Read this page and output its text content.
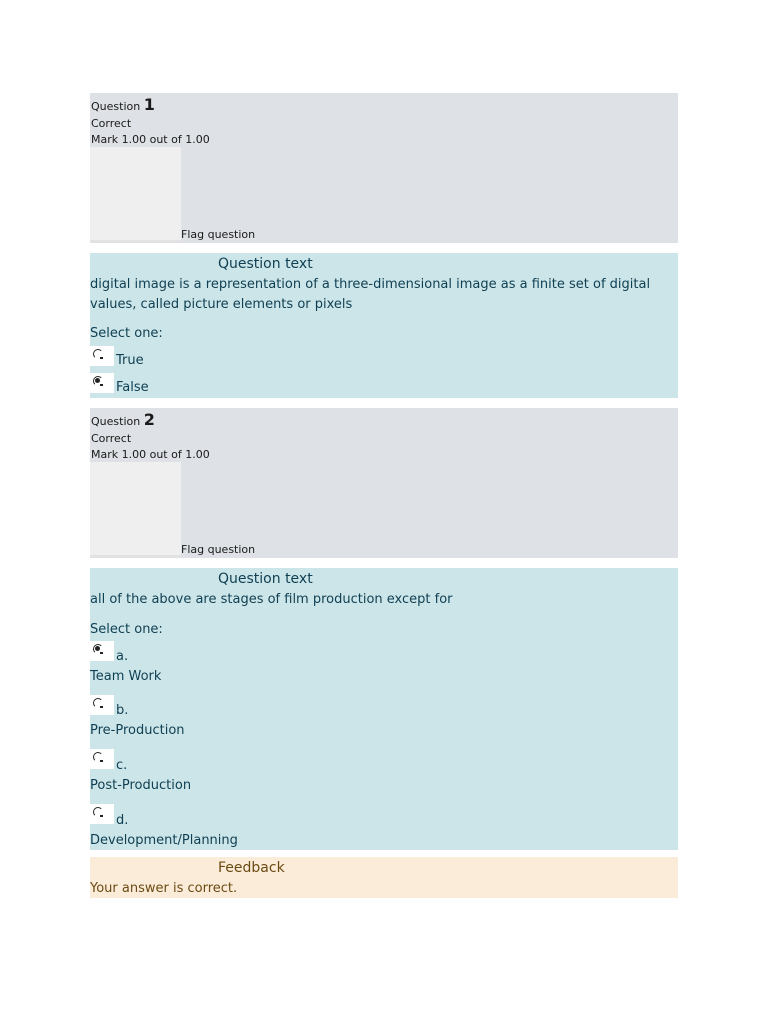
Question 1
Correct
Mark 1.00 out of 1.00
Flag question
Question text
digital image is a representation of a three-dimensional image as a finite set of digital
values, called picture elements or pixels
Select one:
True
False
Question 2
Correct
Mark 1.00 out of 1.00
Flag question
Question text
all of the above are stages of film production except for
Select one:
a.
Team Work
b.
Pre-Production
c.
Post-Production
d.
Development/Planning
Feedback
Your answer is correct.
